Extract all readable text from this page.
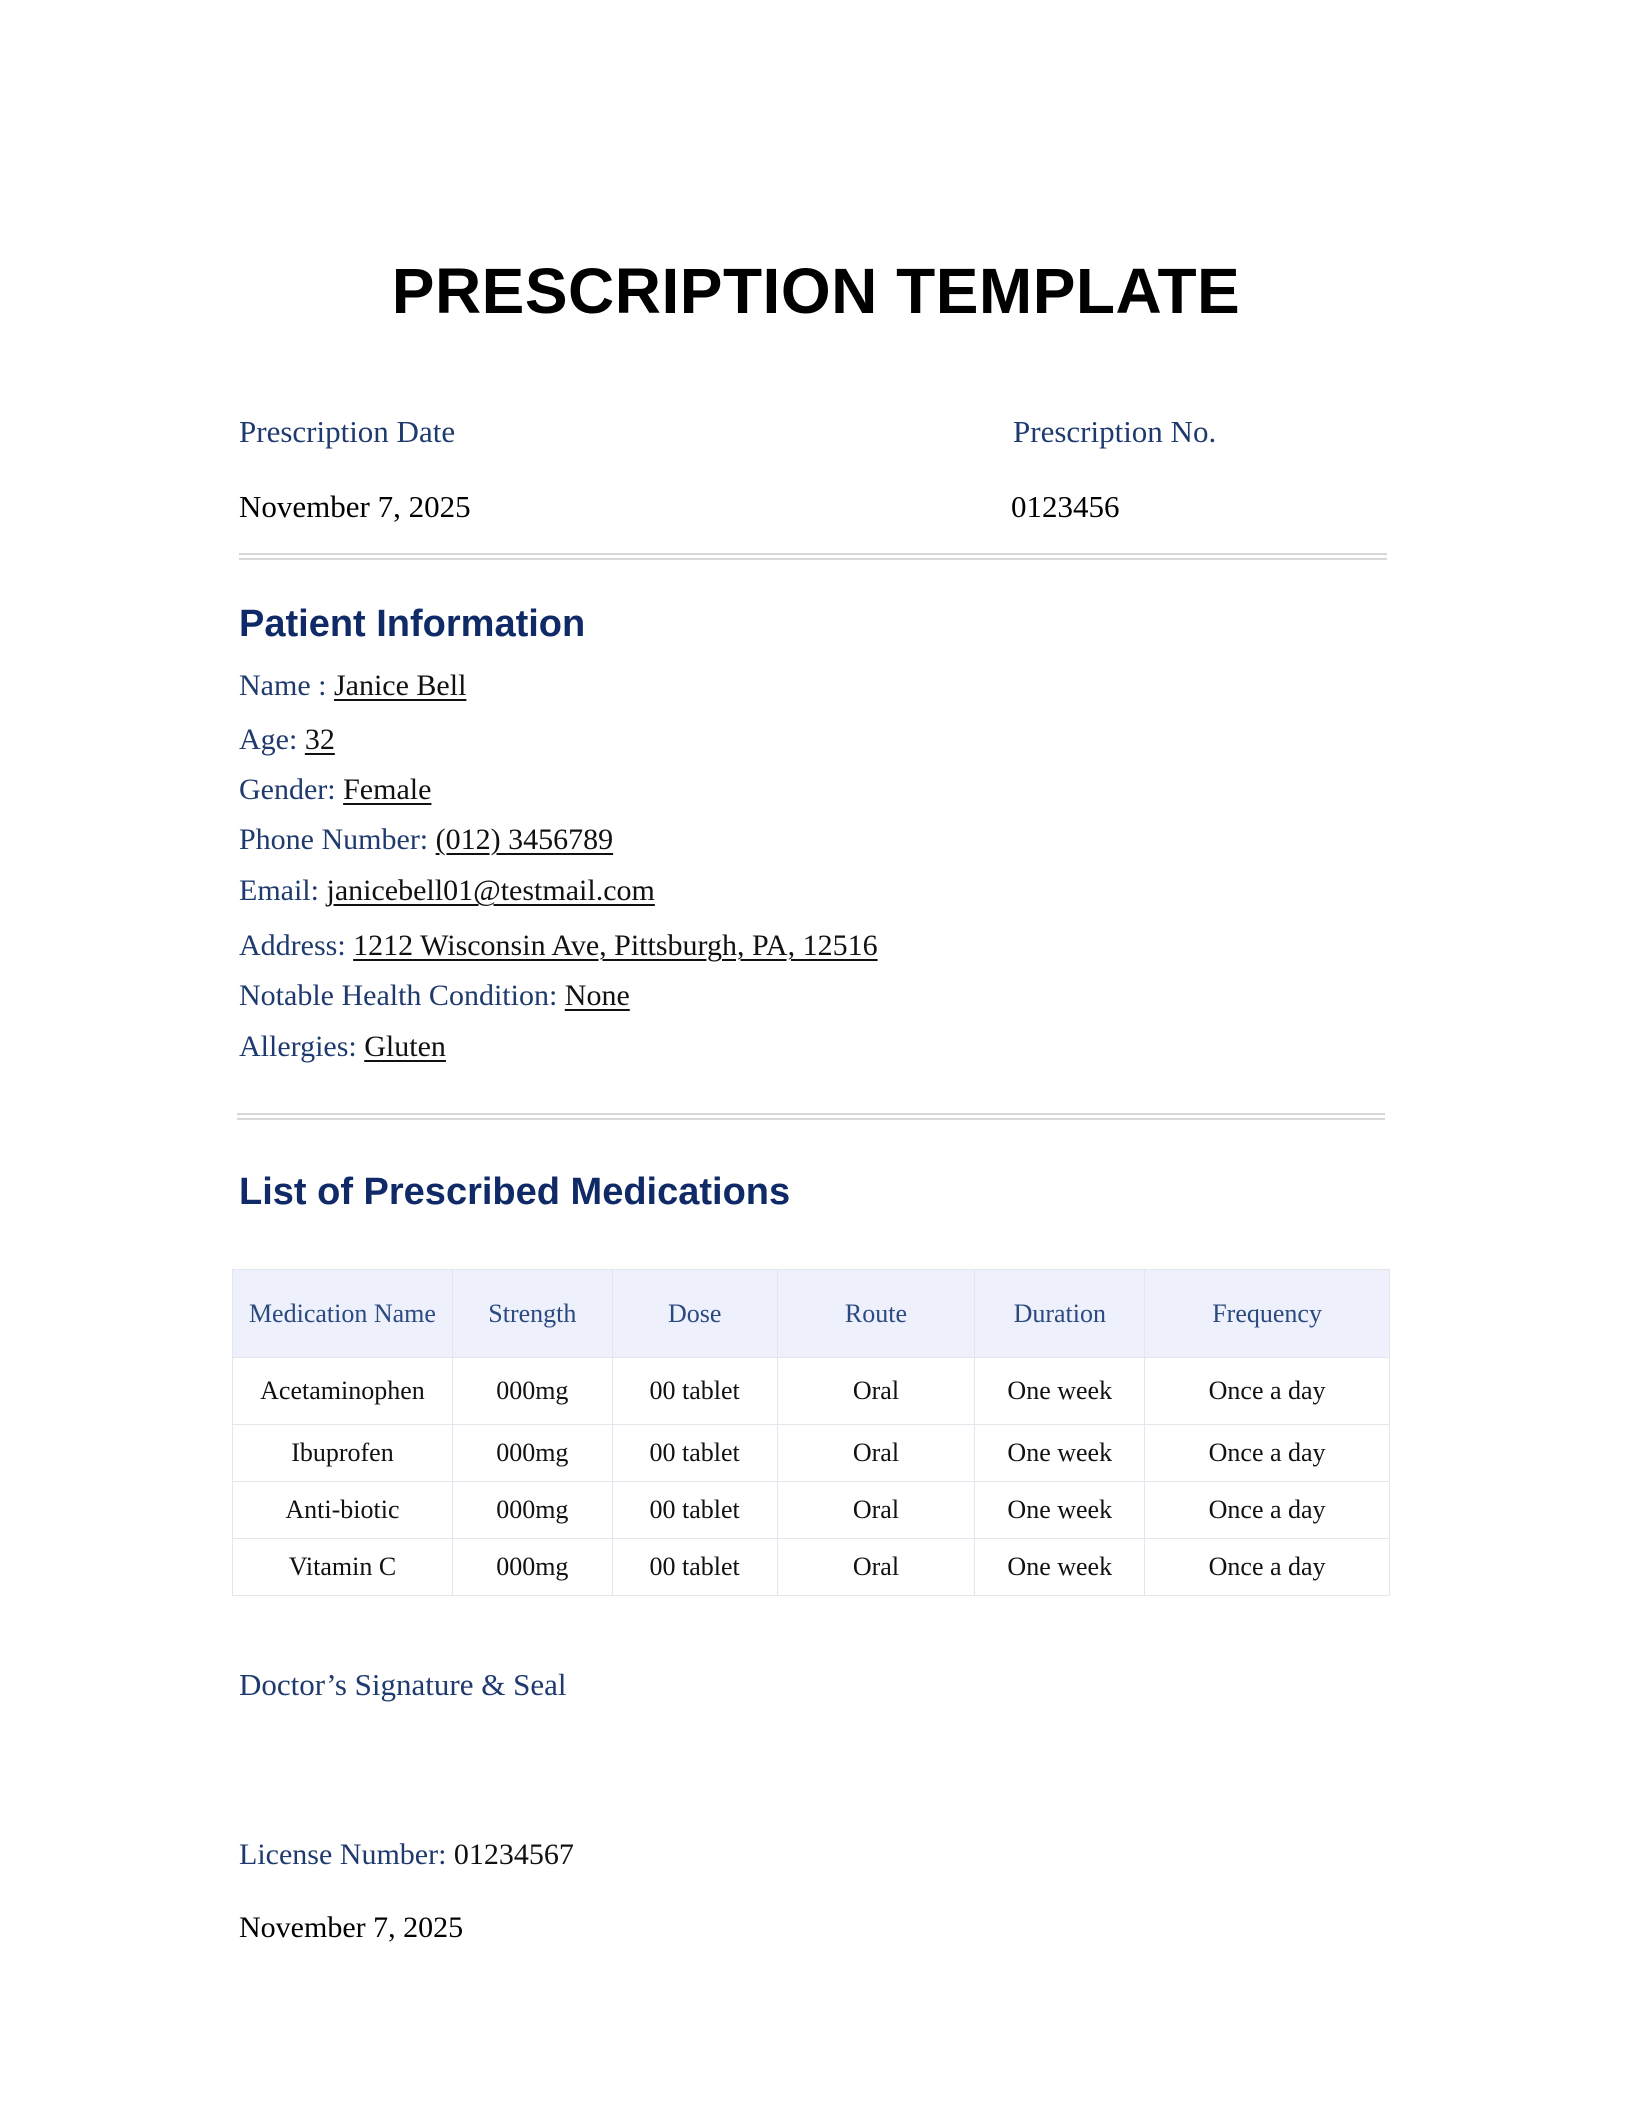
PRESCRIPTION TEMPLATE
Prescription Date
November 7, 2025
Prescription No.
0123456
Patient Information
Name : Janice Bell
Age: 32
Gender: Female
Phone Number: (012) 3456789
Email: janicebell01@testmail.com
Address: 1212 Wisconsin Ave, Pittsburgh, PA, 12516
Notable Health Condition: None
Allergies: Gluten
List of Prescribed Medications
Medication Name	Strength	Dose	Route	Duration	Frequency
Acetaminophen	000mg	00 tablet	Oral	One week	Once a day
Ibuprofen	000mg	00 tablet	Oral	One week	Once a day
Anti-biotic	000mg	00 tablet	Oral	One week	Once a day
Vitamin C	000mg	00 tablet	Oral	One week	Once a day
Doctor’s Signature & Seal
License Number: 01234567
November 7, 2025
